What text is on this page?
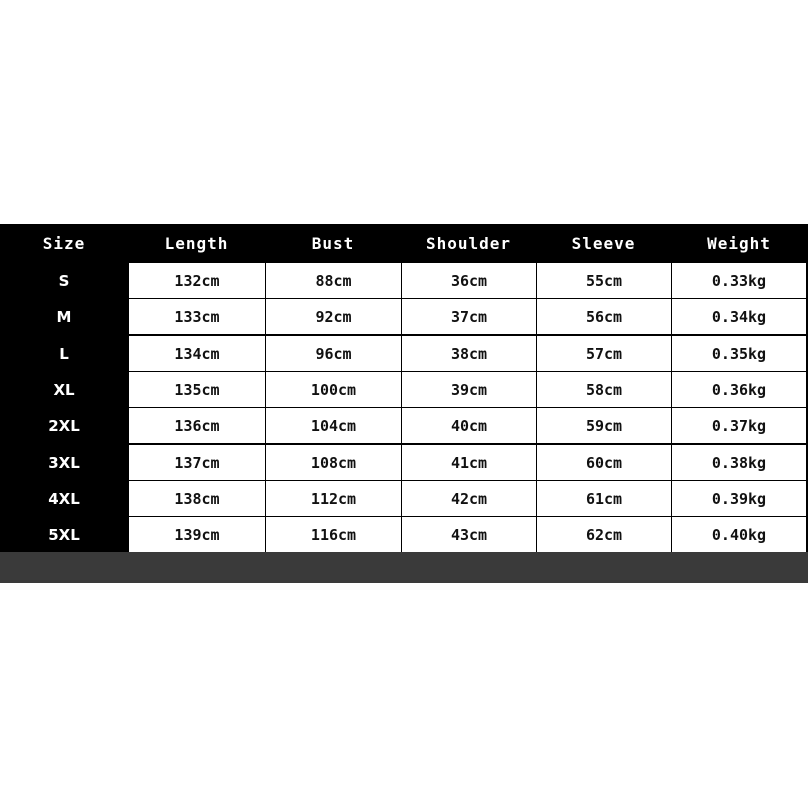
Size	Length	Bust	Shoulder	Sleeve	Weight
S	132cm	88cm	36cm	55cm	0.33kg
M	133cm	92cm	37cm	56cm	0.34kg
L	134cm	96cm	38cm	57cm	0.35kg
XL	135cm	100cm	39cm	58cm	0.36kg
2XL	136cm	104cm	40cm	59cm	0.37kg
3XL	137cm	108cm	41cm	60cm	0.38kg
4XL	138cm	112cm	42cm	61cm	0.39kg
5XL	139cm	116cm	43cm	62cm	0.40kg
